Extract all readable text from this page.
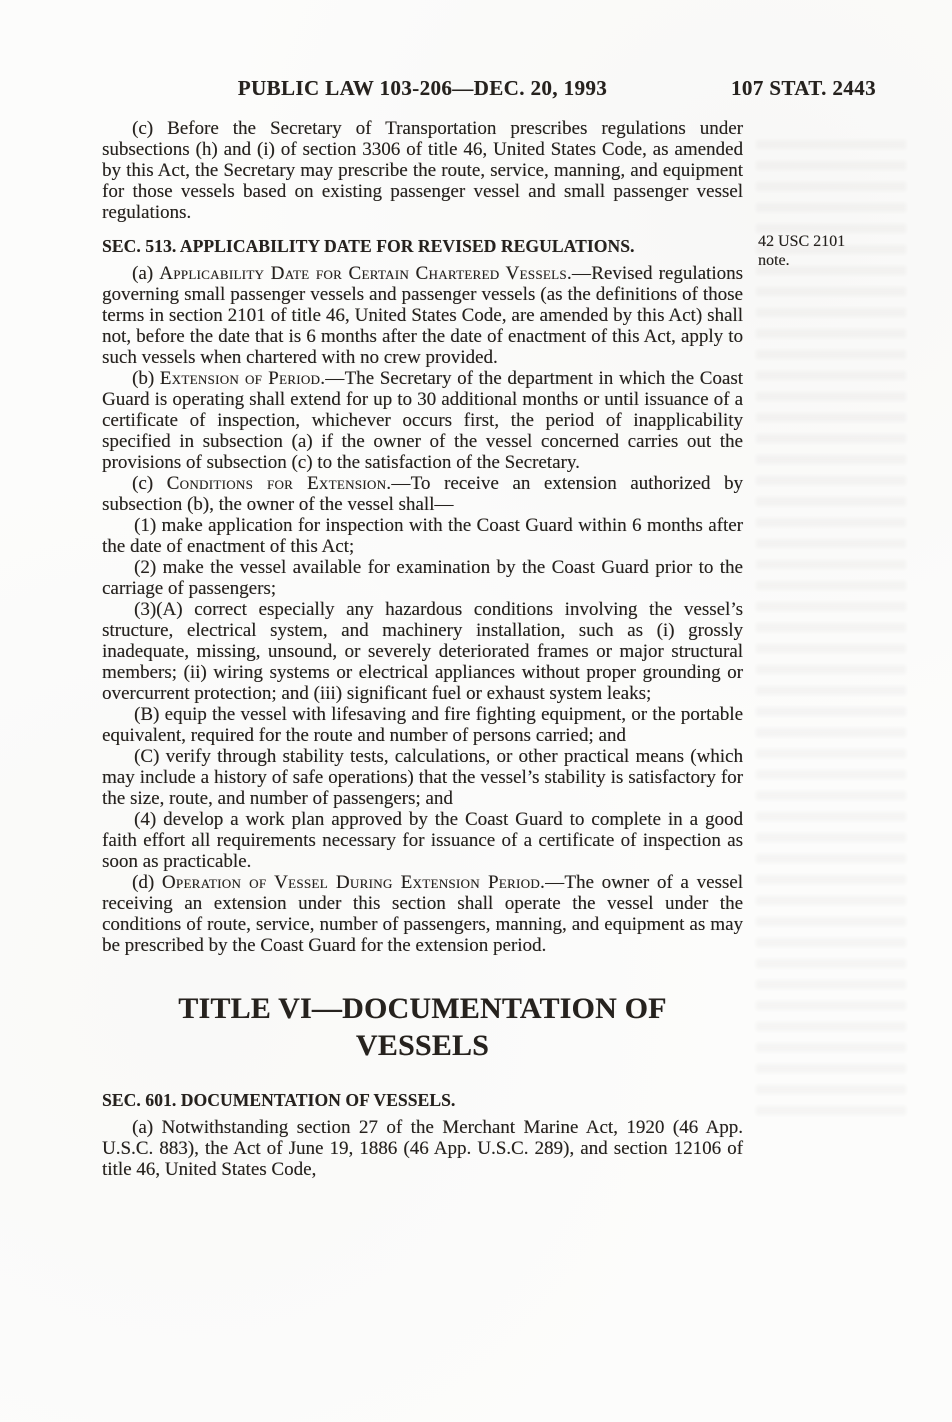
PUBLIC LAW 103-206—DEC. 20, 1993	107 STAT. 2443

(c) Before the Secretary of Transportation prescribes regulations under subsections (h) and (i) of section 3306 of title 46, United States Code, as amended by this Act, the Secretary may prescribe the route, service, manning, and equipment for those vessels based on existing passenger vessel and small passenger vessel regulations.

SEC. 513. APPLICABILITY DATE FOR REVISED REGULATIONS.

(a) Applicability Date for Certain Chartered Vessels.—Revised regulations governing small passenger vessels and passenger vessels (as the definitions of those terms in section 2101 of title 46, United States Code, are amended by this Act) shall not, before the date that is 6 months after the date of enactment of this Act, apply to such vessels when chartered with no crew provided.

(b) Extension of Period.—The Secretary of the department in which the Coast Guard is operating shall extend for up to 30 additional months or until issuance of a certificate of inspection, whichever occurs first, the period of inapplicability specified in subsection (a) if the owner of the vessel concerned carries out the provisions of subsection (c) to the satisfaction of the Secretary.

(c) Conditions for Extension.—To receive an extension authorized by subsection (b), the owner of the vessel shall—

(1) make application for inspection with the Coast Guard within 6 months after the date of enactment of this Act;

(2) make the vessel available for examination by the Coast Guard prior to the carriage of passengers;

(3)(A) correct especially any hazardous conditions involving the vessel’s structure, electrical system, and machinery installation, such as (i) grossly inadequate, missing, unsound, or severely deteriorated frames or major structural members; (ii) wiring systems or electrical appliances without proper grounding or overcurrent protection; and (iii) significant fuel or exhaust system leaks;

(B) equip the vessel with lifesaving and fire fighting equipment, or the portable equivalent, required for the route and number of persons carried; and

(C) verify through stability tests, calculations, or other practical means (which may include a history of safe operations) that the vessel’s stability is satisfactory for the size, route, and number of passengers; and

(4) develop a work plan approved by the Coast Guard to complete in a good faith effort all requirements necessary for issuance of a certificate of inspection as soon as practicable.

(d) Operation of Vessel During Extension Period.—The owner of a vessel receiving an extension under this section shall operate the vessel under the conditions of route, service, number of passengers, manning, and equipment as may be prescribed by the Coast Guard for the extension period.

TITLE VI—DOCUMENTATION OF VESSELS

SEC. 601. DOCUMENTATION OF VESSELS.

(a) Notwithstanding section 27 of the Merchant Marine Act, 1920 (46 App. U.S.C. 883), the Act of June 19, 1886 (46 App. U.S.C. 289), and section 12106 of title 46, United States Code,

42 USC 2101
note.
